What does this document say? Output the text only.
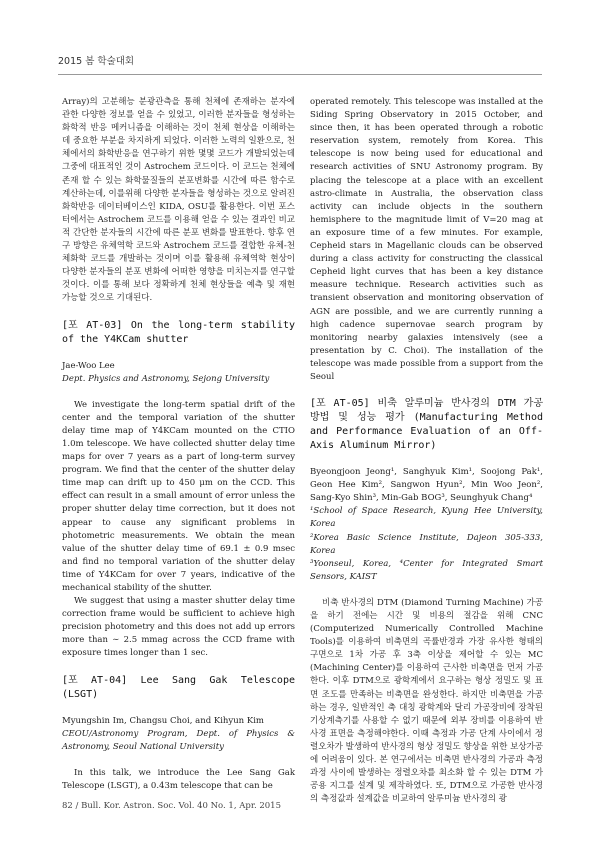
2015 봄 학술대회

Array)의 고분해능 분광관측을 통해 천체에 존재하는 분자에 관한 다양한 정보를 얻을 수 있었고, 이러한 분자들을 형성하는 화학적 반응 메커니즘을 이해하는 것이 천체 현상을 이해하는 데 중요한 부분을 차지하게 되었다. 이러한 노력의 일환으로, 천체에서의 화학반응을 연구하기 위한 몇몇 코드가 개발되었는데 그중에 대표적인 것이 Astrochem 코드이다. 이 코드는 천체에 존재 할 수 있는 화학물질들의 분포변화를 시간에 따른 함수로 계산하는데, 이를위해 다양한 분자들을 형성하는 것으로 알려진 화학반응 데이터베이스인 KIDA, OSU를 활용한다. 이번 포스터에서는 Astrochem 코드를 이용해 얻을 수 있는 결과인 비교적 간단한 분자들의 시간에 따른 분포 변화를 발표한다. 향후 연구 방향은 유체역학 코드와 Astrochem 코드를 결합한 유체-천체화학 코드를 개발하는 것이며 이를 활용해 유체역학 현상이 다양한 분자들의 분포 변화에 어떠한 영향을 미치는지를 연구할 것이다. 이를 통해 보다 정확하게 천체 현상들을 예측 및 재현 가능할 것으로 기대된다.

[포 AT-03] On the long-term stability of the Y4KCam shutter

Jae-Woo Lee

Dept. Physics and Astronomy, Sejong University

We investigate the long-term spatial drift of the center and the temporal variation of the shutter delay time map of Y4KCam mounted on the CTIO 1.0m telescope. We have collected shutter delay time maps for over 7 years as a part of long-term survey program. We find that the center of the shutter delay time map can drift up to 450 μm on the CCD. This effect can result in a small amount of error unless the proper shutter delay time correction, but it does not appear to cause any significant problems in photometric measurements. We obtain the mean value of the shutter delay time of 69.1 ± 0.9 msec and find no temporal variation of the shutter delay time of Y4KCam for over 7 years, indicative of the mechanical stability of the shutter.

We suggest that using a master shutter delay time correction frame would be sufficient to achieve high precision photometry and this does not add up errors more than ∼ 2.5 mmag across the CCD frame with exposure times longer than 1 sec.

[포 AT-04] Lee Sang Gak Telescope (LSGT)

Myungshin Im, Changsu Choi, and Kihyun Kim

CEOU/Astronomy Program, Dept. of Physics & Astronomy, Seoul National University

In this talk, we introduce the Lee Sang Gak Telescope (LSGT), a 0.43m telescope that can be

operated remotely. This telescope was installed at the Siding Spring Observatory in 2015 October, and since then, it has been operated through a robotic reservation system, remotely from Korea. This telescope is now being used for educational and research activities of SNU Astronomy program. By placing the telescope at a place with an excellent astro-climate in Australia, the observation class activity can include objects in the southern hemisphere to the magnitude limit of V=20 mag at an exposure time of a few minutes. For example, Cepheid stars in Magellanic clouds can be observed during a class activity for constructing the classical Cepheid light curves that has been a key distance measure technique. Research activities such as transient observation and monitoring observation of AGN are possible, and we are currently running a high cadence supernovae search program by monitoring nearby galaxies intensively (see a presentation by C. Choi). The installation of the telescope was made possible from a support from the Seoul

[포 AT-05] 비축 알루미늄 반사경의 DTM 가공 방법 및 성능 평가 (Manufacturing Method and Performance Evaluation of an Off-Axis Aluminum Mirror)

Byeongjoon Jeong¹, Sanghyuk Kim¹, Soojong Pak¹, Geon Hee Kim², Sangwon Hyun², Min Woo Jeon², Sang-Kyo Shin³, Min-Gab BOG³, Seunghyuk Chang⁴

¹School of Space Research, Kyung Hee University, Korea

²Korea Basic Science Institute, Dajeon 305-333, Korea

³Yoonseul, Korea, ⁴Center for Integrated Smart Sensors, KAIST

비축 반사경의 DTM (Diamond Turning Machine) 가공을 하기 전에는 시간 및 비용의 절감을 위해 CNC (Computerized Numerically Controlled Machine Tools)를 이용하여 비축면의 곡률반경과 가장 유사한 형태의 구면으로 1차 가공 후 3축 이상을 제어할 수 있는 MC (Machining Center)를 이용하여 근사한 비축면을 먼저 가공한다. 이후 DTM으로 광학계에서 요구하는 형상 정밀도 및 표면 조도를 만족하는 비축면을 완성한다. 하지만 비축면을 가공하는 경우, 일반적인 축 대칭 광학계와 달리 가공장비에 장착된 기상계측기를 사용할 수 없기 때문에 외부 장비를 이용하여 반사경 표면을 측정해야한다. 이때 측정과 가공 단계 사이에서 정렬오차가 발생하여 반사경의 형상 정밀도 향상을 위한 보상가공에 어려움이 있다. 본 연구에서는 비축면 반사경의 가공과 측정 과정 사이에 발생하는 정렬오차를 최소화 할 수 있는 DTM 가공용 지그를 설계 및 제작하였다. 또, DTM으로 가공한 반사경의 측정값과 설계값을 비교하여 알루미늄 반사경의 광

82 / Bull. Kor. Astron. Soc. Vol. 40 No. 1, Apr. 2015
